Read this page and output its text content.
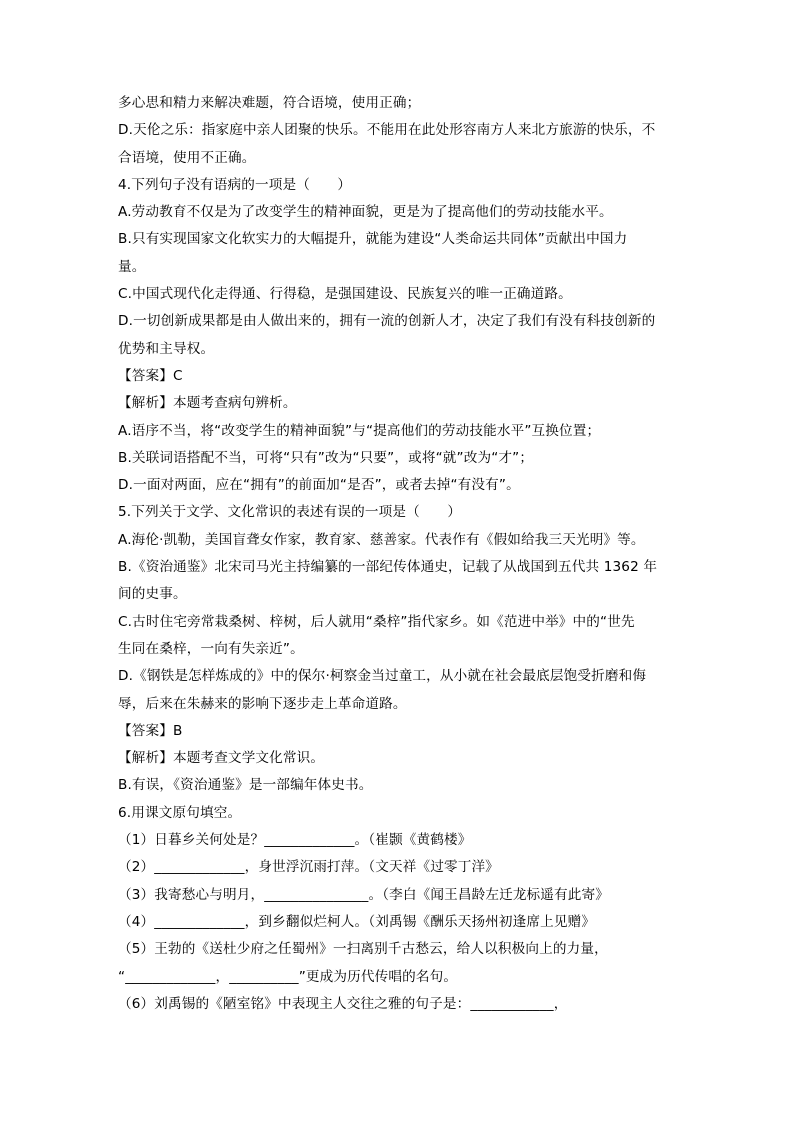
多心思和精力来解决难题，符合语境，使用正确；
D.天伦之乐：指家庭中亲人团聚的快乐。不能用在此处形容南方人来北方旅游的快乐，不
合语境，使用不正确。
4.下列句子没有语病的一项是（　　）
A.劳动教育不仅是为了改变学生的精神面貌，更是为了提高他们的劳动技能水平。
B.只有实现国家文化软实力的大幅提升，就能为建设“人类命运共同体”贡献出中国力
量。
C.中国式现代化走得通、行得稳，是强国建设、民族复兴的唯一正确道路。
D.一切创新成果都是由人做出来的，拥有一流的创新人才，决定了我们有没有科技创新的
优势和主导权。
【答案】C
【解析】本题考查病句辨析。
A.语序不当，将“改变学生的精神面貌”与“提高他们的劳动技能水平”互换位置；
B.关联词语搭配不当，可将“只有”改为“只要”，或将“就”改为“才”；
D.一面对两面，应在“拥有”的前面加“是否”，或者去掉“有没有”。
5.下列关于文学、文化常识的表述有误的一项是（　　）
A.海伦·凯勒，美国盲聋女作家，教育家、慈善家。代表作有《假如给我三天光明》等。
B.《资治通鉴》北宋司马光主持编纂的一部纪传体通史，记载了从战国到五代共 1362 年
间的史事。
C.古时住宅旁常栽桑树、梓树，后人就用“桑梓”指代家乡。如《范进中举》中的“世先
生同在桑梓，一向有失亲近”。
D.《钢铁是怎样炼成的》中的保尔·柯察金当过童工，从小就在社会最底层饱受折磨和侮
辱，后来在朱赫来的影响下逐步走上革命道路。
【答案】B
【解析】本题考查文学文化常识。
B.有误，《资治通鉴》是一部编年体史书。
6.用课文原句填空。
（1）日暮乡关何处是？_____________。（崔颢《黄鹤楼》
（2）_____________，身世浮沉雨打萍。（文天祥《过零丁洋》
（3）我寄愁心与明月，_______________。（李白《闻王昌龄左迁龙标遥有此寄》
（4）_____________，到乡翻似烂柯人。（刘禹锡《酬乐天扬州初逢席上见赠》
（5）王勃的《送杜少府之任蜀州》一扫离别千古愁云，给人以积极向上的力量，
“_____________，__________”更成为历代传唱的名句。
（6）刘禹锡的《陋室铭》中表现主人交往之雅的句子是：____________，
